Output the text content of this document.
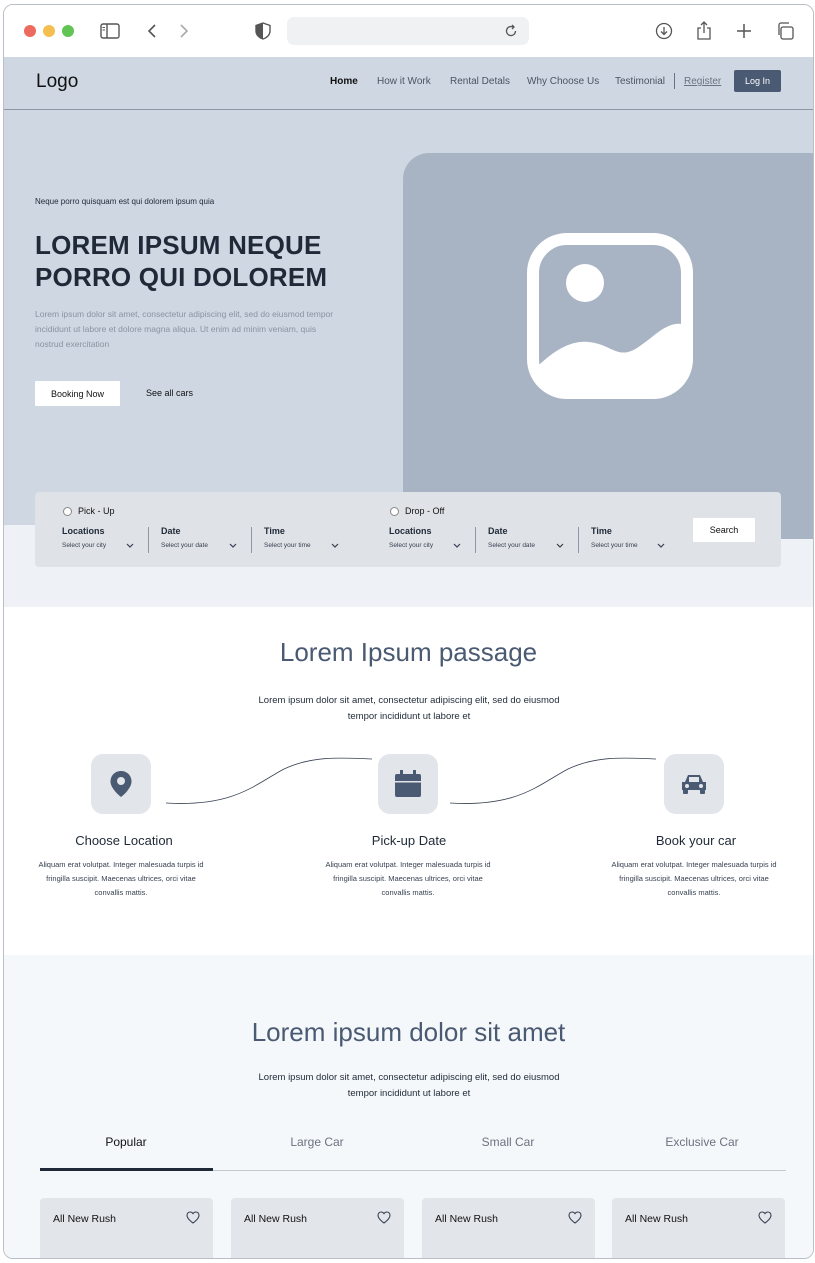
Logo	Home How it Work Rental Detals Why Choose Us Testimonial Register	Log In
Neque porro quisquam est qui dolorem ipsum quia
LOREM IPSUM NEQUE PORRO QUI DOLOREM
Lorem ipsum dolor sit amet, consectetur adipiscing elit, sed do eiusmod tempor incididunt ut labore et dolore magna aliqua. Ut enim ad minim veniam, quis nostrud exercitation
Booking Now	See all cars
Pick - Up	Drop - Off
Locations
Select your city
Date
Select your date
Time
Select your time
Locations
Select your city
Date
Select your date
Time
Select your time
Search
Lorem Ipsum passage
Lorem ipsum dolor sit amet, consectetur adipiscing elit, sed do eiusmod tempor incididunt ut labore et
Choose Location
Aliquam erat volutpat. Integer malesuada turpis id fringilla suscipit. Maecenas ultrices, orci vitae convallis mattis.
Pick-up Date
Aliquam erat volutpat. Integer malesuada turpis id fringilla suscipit. Maecenas ultrices, orci vitae convallis mattis.
Book your car
Aliquam erat volutpat. Integer malesuada turpis id fringilla suscipit. Maecenas ultrices, orci vitae convallis mattis.
Lorem ipsum dolor sit amet
Lorem ipsum dolor sit amet, consectetur adipiscing elit, sed do eiusmod tempor incididunt ut labore et
Popular	Large Car	Small Car	Exclusive Car
All New Rush	All New Rush	All New Rush	All New Rush
